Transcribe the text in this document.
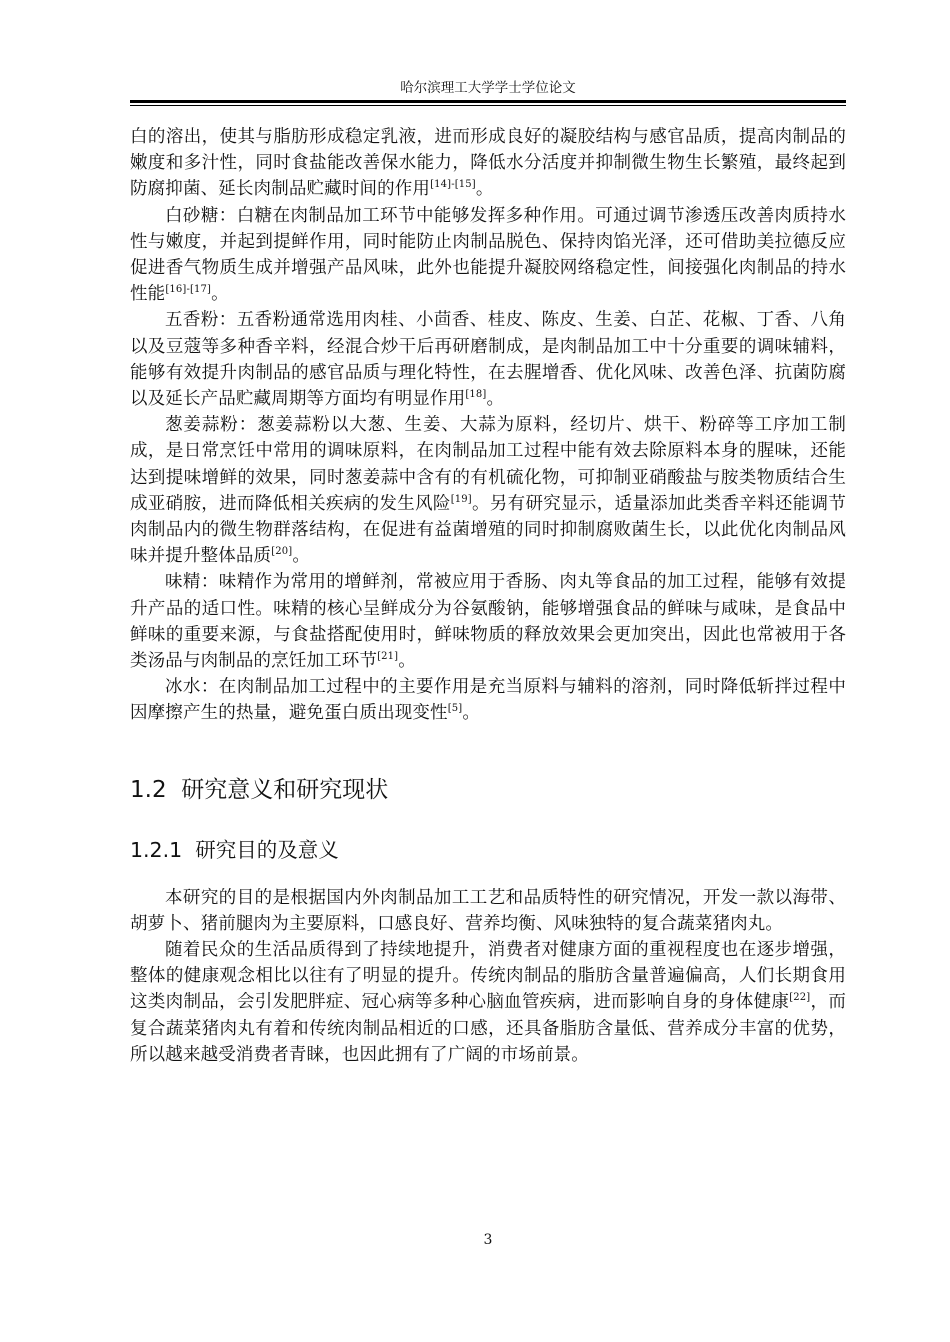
哈尔滨理工大学学士学位论文

白的溶出，使其与脂肪形成稳定乳液，进而形成良好的凝胶结构与感官品质，提高肉制品的嫩度和多汁性，同时食盐能改善保水能力，降低水分活度并抑制微生物生长繁殖，最终起到防腐抑菌、延长肉制品贮藏时间的作用[14]-[15]。

白砂糖：白糖在肉制品加工环节中能够发挥多种作用。可通过调节渗透压改善肉质持水性与嫩度，并起到提鲜作用，同时能防止肉制品脱色、保持肉馅光泽，还可借助美拉德反应促进香气物质生成并增强产品风味，此外也能提升凝胶网络稳定性，间接强化肉制品的持水性能[16]-[17]。

五香粉：五香粉通常选用肉桂、小茴香、桂皮、陈皮、生姜、白芷、花椒、丁香、八角以及豆蔻等多种香辛料，经混合炒干后再研磨制成，是肉制品加工中十分重要的调味辅料，能够有效提升肉制品的感官品质与理化特性，在去腥增香、优化风味、改善色泽、抗菌防腐以及延长产品贮藏周期等方面均有明显作用[18]。

葱姜蒜粉：葱姜蒜粉以大葱、生姜、大蒜为原料，经切片、烘干、粉碎等工序加工制成，是日常烹饪中常用的调味原料，在肉制品加工过程中能有效去除原料本身的腥味，还能达到提味增鲜的效果，同时葱姜蒜中含有的有机硫化物，可抑制亚硝酸盐与胺类物质结合生成亚硝胺，进而降低相关疾病的发生风险[19]。另有研究显示，适量添加此类香辛料还能调节肉制品内的微生物群落结构，在促进有益菌增殖的同时抑制腐败菌生长，以此优化肉制品风味并提升整体品质[20]。

味精：味精作为常用的增鲜剂，常被应用于香肠、肉丸等食品的加工过程，能够有效提升产品的适口性。味精的核心呈鲜成分为谷氨酸钠，能够增强食品的鲜味与咸味，是食品中鲜味的重要来源，与食盐搭配使用时，鲜味物质的释放效果会更加突出，因此也常被用于各类汤品与肉制品的烹饪加工环节[21]。

冰水：在肉制品加工过程中的主要作用是充当原料与辅料的溶剂，同时降低斩拌过程中因摩擦产生的热量，避免蛋白质出现变性[5]。

1.2 研究意义和研究现状
1.2.1 研究目的及意义

本研究的目的是根据国内外肉制品加工工艺和品质特性的研究情况，开发一款以海带、胡萝卜、猪前腿肉为主要原料，口感良好、营养均衡、风味独特的复合蔬菜猪肉丸。

随着民众的生活品质得到了持续地提升，消费者对健康方面的重视程度也在逐步增强，整体的健康观念相比以往有了明显的提升。传统肉制品的脂肪含量普遍偏高，人们长期食用这类肉制品，会引发肥胖症、冠心病等多种心脑血管疾病，进而影响自身的身体健康[22]，而复合蔬菜猪肉丸有着和传统肉制品相近的口感，还具备脂肪含量低、营养成分丰富的优势，所以越来越受消费者青睐，也因此拥有了广阔的市场前景。

3
